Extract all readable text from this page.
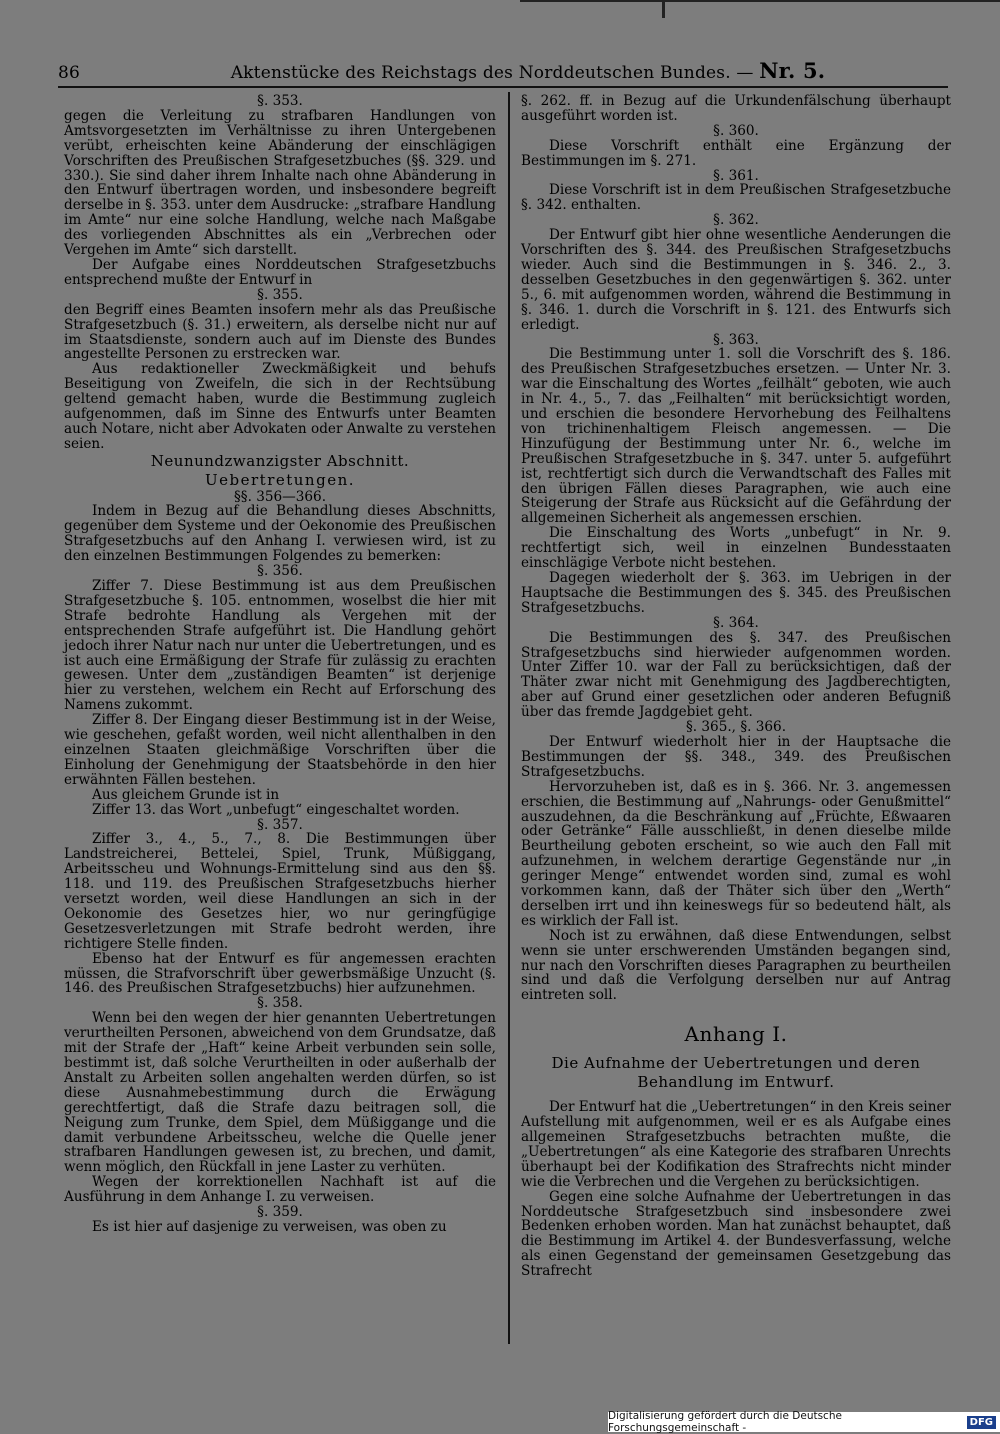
86	Aktenstücke des Reichstags des Norddeutschen Bundes. — Nr. 5.

§. 353.

gegen die Verleitung zu strafbaren Handlungen von Amtsvorgesetzten im Verhältnisse zu ihren Untergebenen verübt, erheischten keine Abänderung der einschlägigen Vorschriften des Preußischen Strafgesetzbuches (§§. 329. und 330.). Sie sind daher ihrem Inhalte nach ohne Abänderung in den Entwurf übertragen worden, und insbesondere begreift derselbe in §. 353. unter dem Ausdrucke: „strafbare Handlung im Amte“ nur eine solche Handlung, welche nach Maßgabe des vorliegenden Abschnittes als ein „Verbrechen oder Vergehen im Amte“ sich darstellt.

Der Aufgabe eines Norddeutschen Strafgesetzbuchs entsprechend mußte der Entwurf in

§. 355.

den Begriff eines Beamten insofern mehr als das Preußische Strafgesetzbuch (§. 31.) erweitern, als derselbe nicht nur auf im Staatsdienste, sondern auch auf im Dienste des Bundes angestellte Personen zu erstrecken war.

Aus redaktioneller Zweckmäßigkeit und behufs Beseitigung von Zweifeln, die sich in der Rechtsübung geltend gemacht haben, wurde die Bestimmung zugleich aufgenommen, daß im Sinne des Entwurfs unter Beamten auch Notare, nicht aber Advokaten oder Anwalte zu verstehen seien.

Neunundzwanzigster Abschnitt.
Uebertretungen.

§§. 356—366.

Indem in Bezug auf die Behandlung dieses Abschnitts, gegenüber dem Systeme und der Oekonomie des Preußischen Strafgesetzbuchs auf den Anhang I. verwiesen wird, ist zu den einzelnen Bestimmungen Folgendes zu bemerken:

§. 356.

Ziffer 7. Diese Bestimmung ist aus dem Preußischen Strafgesetzbuche §. 105. entnommen, woselbst die hier mit Strafe bedrohte Handlung als Vergehen mit der entsprechenden Strafe aufgeführt ist. Die Handlung gehört jedoch ihrer Natur nach nur unter die Uebertretungen, und es ist auch eine Ermäßigung der Strafe für zulässig zu erachten gewesen. Unter dem „zuständigen Beamten“ ist derjenige hier zu verstehen, welchem ein Recht auf Erforschung des Namens zukommt.

Ziffer 8. Der Eingang dieser Bestimmung ist in der Weise, wie geschehen, gefaßt worden, weil nicht allenthalben in den einzelnen Staaten gleichmäßige Vorschriften über die Einholung der Genehmigung der Staatsbehörde in den hier erwähnten Fällen bestehen.

Aus gleichem Grunde ist in

Ziffer 13. das Wort „unbefugt“ eingeschaltet worden.

§. 357.

Ziffer 3., 4., 5., 7., 8. Die Bestimmungen über Landstreicherei, Bettelei, Spiel, Trunk, Müßiggang, Arbeitsscheu und Wohnungs-Ermittelung sind aus den §§. 118. und 119. des Preußischen Strafgesetzbuchs hierher versetzt worden, weil diese Handlungen an sich in der Oekonomie des Gesetzes hier, wo nur geringfügige Gesetzesverletzungen mit Strafe bedroht werden, ihre richtigere Stelle finden.

Ebenso hat der Entwurf es für angemessen erachten müssen, die Strafvorschrift über gewerbsmäßige Unzucht (§. 146. des Preußischen Strafgesetzbuchs) hier aufzunehmen.

§. 358.

Wenn bei den wegen der hier genannten Uebertretungen verurtheilten Personen, abweichend von dem Grundsatze, daß mit der Strafe der „Haft“ keine Arbeit verbunden sein solle, bestimmt ist, daß solche Verurtheilten in oder außerhalb der Anstalt zu Arbeiten sollen angehalten werden dürfen, so ist diese Ausnahmebestimmung durch die Erwägung gerechtfertigt, daß die Strafe dazu beitragen soll, die Neigung zum Trunke, dem Spiel, dem Müßiggange und die damit verbundene Arbeitsscheu, welche die Quelle jener strafbaren Handlungen gewesen ist, zu brechen, und damit, wenn möglich, den Rückfall in jene Laster zu verhüten.

Wegen der korrektionellen Nachhaft ist auf die Ausführung in dem Anhange I. zu verweisen.

§. 359.

Es ist hier auf dasjenige zu verweisen, was oben zu

§. 262. ff. in Bezug auf die Urkundenfälschung überhaupt ausgeführt worden ist.

§. 360.

Diese Vorschrift enthält eine Ergänzung der Bestimmungen im §. 271.

§. 361.

Diese Vorschrift ist in dem Preußischen Strafgesetzbuche §. 342. enthalten.

§. 362.

Der Entwurf gibt hier ohne wesentliche Aenderungen die Vorschriften des §. 344. des Preußischen Strafgesetzbuchs wieder. Auch sind die Bestimmungen in §. 346. 2., 3. desselben Gesetzbuches in den gegenwärtigen §. 362. unter 5., 6. mit aufgenommen worden, während die Bestimmung in §. 346. 1. durch die Vorschrift in §. 121. des Entwurfs sich erledigt.

§. 363.

Die Bestimmung unter 1. soll die Vorschrift des §. 186. des Preußischen Strafgesetzbuches ersetzen. — Unter Nr. 3. war die Einschaltung des Wortes „feilhält“ geboten, wie auch in Nr. 4., 5., 7. das „Feilhalten“ mit berücksichtigt worden, und erschien die besondere Hervorhebung des Feilhaltens von trichinenhaltigem Fleisch angemessen. — Die Hinzufügung der Bestimmung unter Nr. 6., welche im Preußischen Strafgesetzbuche in §. 347. unter 5. aufgeführt ist, rechtfertigt sich durch die Verwandtschaft des Falles mit den übrigen Fällen dieses Paragraphen, wie auch eine Steigerung der Strafe aus Rücksicht auf die Gefährdung der allgemeinen Sicherheit als angemessen erschien.

Die Einschaltung des Worts „unbefugt“ in Nr. 9. rechtfertigt sich, weil in einzelnen Bundesstaaten einschlägige Verbote nicht bestehen.

Dagegen wiederholt der §. 363. im Uebrigen in der Hauptsache die Bestimmungen des §. 345. des Preußischen Strafgesetzbuchs.

§. 364.

Die Bestimmungen des §. 347. des Preußischen Strafgesetzbuchs sind hierwieder aufgenommen worden. Unter Ziffer 10. war der Fall zu berücksichtigen, daß der Thäter zwar nicht mit Genehmigung des Jagdberechtigten, aber auf Grund einer gesetzlichen oder anderen Befugniß über das fremde Jagdgebiet geht.

§. 365., §. 366.

Der Entwurf wiederholt hier in der Hauptsache die Bestimmungen der §§. 348., 349. des Preußischen Strafgesetzbuchs.

Hervorzuheben ist, daß es in §. 366. Nr. 3. angemessen erschien, die Bestimmung auf „Nahrungs- oder Genußmittel“ auszudehnen, da die Beschränkung auf „Früchte, Eßwaaren oder Getränke“ Fälle ausschließt, in denen dieselbe milde Beurtheilung geboten erscheint, so wie auch den Fall mit aufzunehmen, in welchem derartige Gegenstände nur „in geringer Menge“ entwendet worden sind, zumal es wohl vorkommen kann, daß der Thäter sich über den „Werth“ derselben irrt und ihn keineswegs für so bedeutend hält, als es wirklich der Fall ist.

Noch ist zu erwähnen, daß diese Entwendungen, selbst wenn sie unter erschwerenden Umständen begangen sind, nur nach den Vorschriften dieses Paragraphen zu beurtheilen sind und daß die Verfolgung derselben nur auf Antrag eintreten soll.

Anhang I.
Die Aufnahme der Uebertretungen und deren Behandlung im Entwurf.

Der Entwurf hat die „Uebertretungen“ in den Kreis seiner Aufstellung mit aufgenommen, weil er es als Aufgabe eines allgemeinen Strafgesetzbuchs betrachten mußte, die „Uebertretungen“ als eine Kategorie des strafbaren Unrechts überhaupt bei der Kodifikation des Strafrechts nicht minder wie die Verbrechen und die Vergehen zu berücksichtigen.

Gegen eine solche Aufnahme der Uebertretungen in das Norddeutsche Strafgesetzbuch sind insbesondere zwei Bedenken erhoben worden. Man hat zunächst behauptet, daß die Bestimmung im Artikel 4. der Bundesverfassung, welche als einen Gegenstand der gemeinsamen Gesetzgebung das Strafrecht

Digitalisierung gefördert durch die Deutsche Forschungsgemeinschaft -	DFG
